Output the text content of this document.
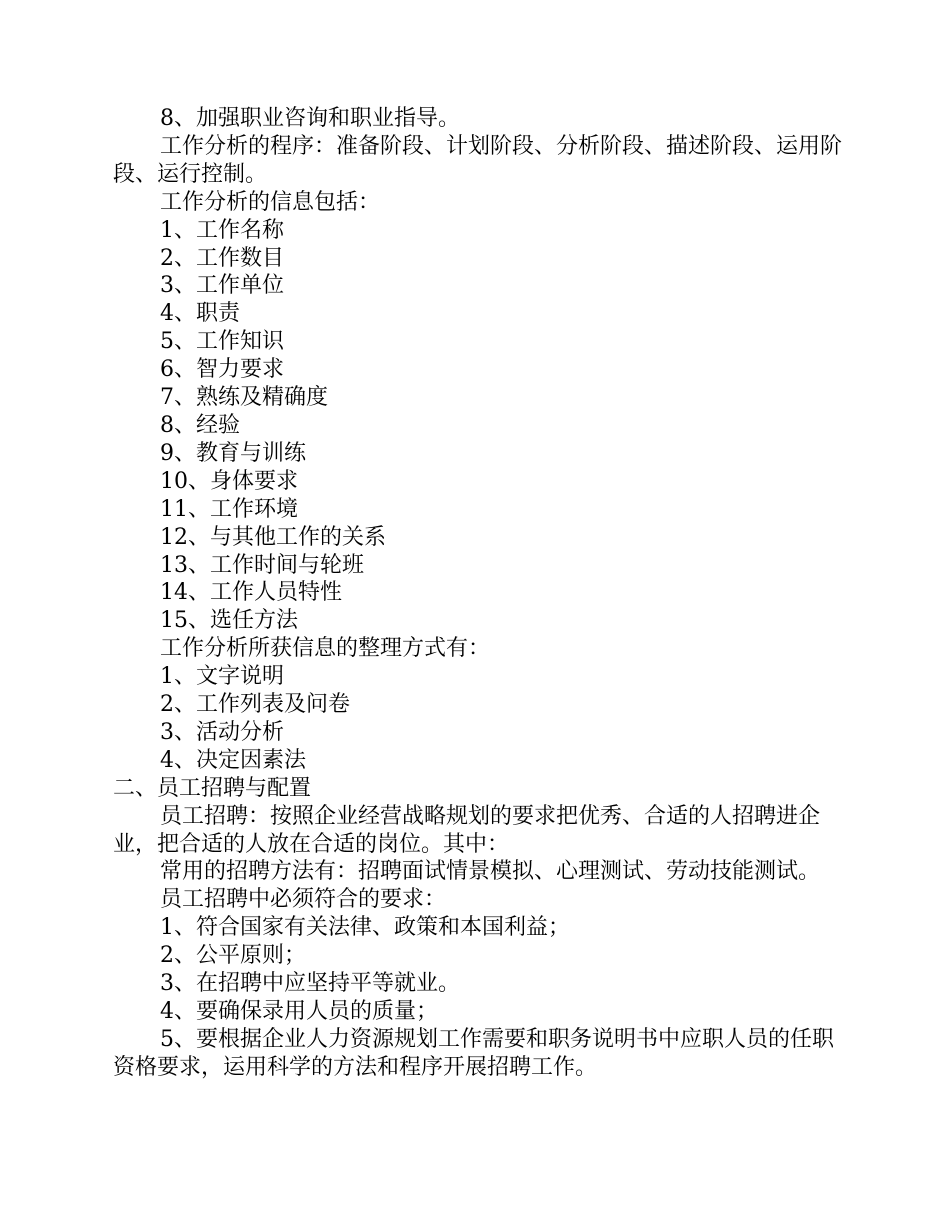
8、加强职业咨询和职业指导。

工作分析的程序：准备阶段、计划阶段、分析阶段、描述阶段、运用阶段、运行控制。

工作分析的信息包括：

1、工作名称

2、工作数目

3、工作单位

4、职责

5、工作知识

6、智力要求

7、熟练及精确度

8、经验

9、教育与训练

10、身体要求

11、工作环境

12、与其他工作的关系

13、工作时间与轮班

14、工作人员特性

15、选任方法

工作分析所获信息的整理方式有：

1、文字说明

2、工作列表及问卷

3、活动分析

4、决定因素法

二、员工招聘与配置

员工招聘：按照企业经营战略规划的要求把优秀、合适的人招聘进企业，把合适的人放在合适的岗位。其中：

常用的招聘方法有：招聘面试情景模拟、心理测试、劳动技能测试。

员工招聘中必须符合的要求：

1、符合国家有关法律、政策和本国利益；

2、公平原则；

3、在招聘中应坚持平等就业。

4、要确保录用人员的质量；

5、要根据企业人力资源规划工作需要和职务说明书中应职人员的任职资格要求，运用科学的方法和程序开展招聘工作。
